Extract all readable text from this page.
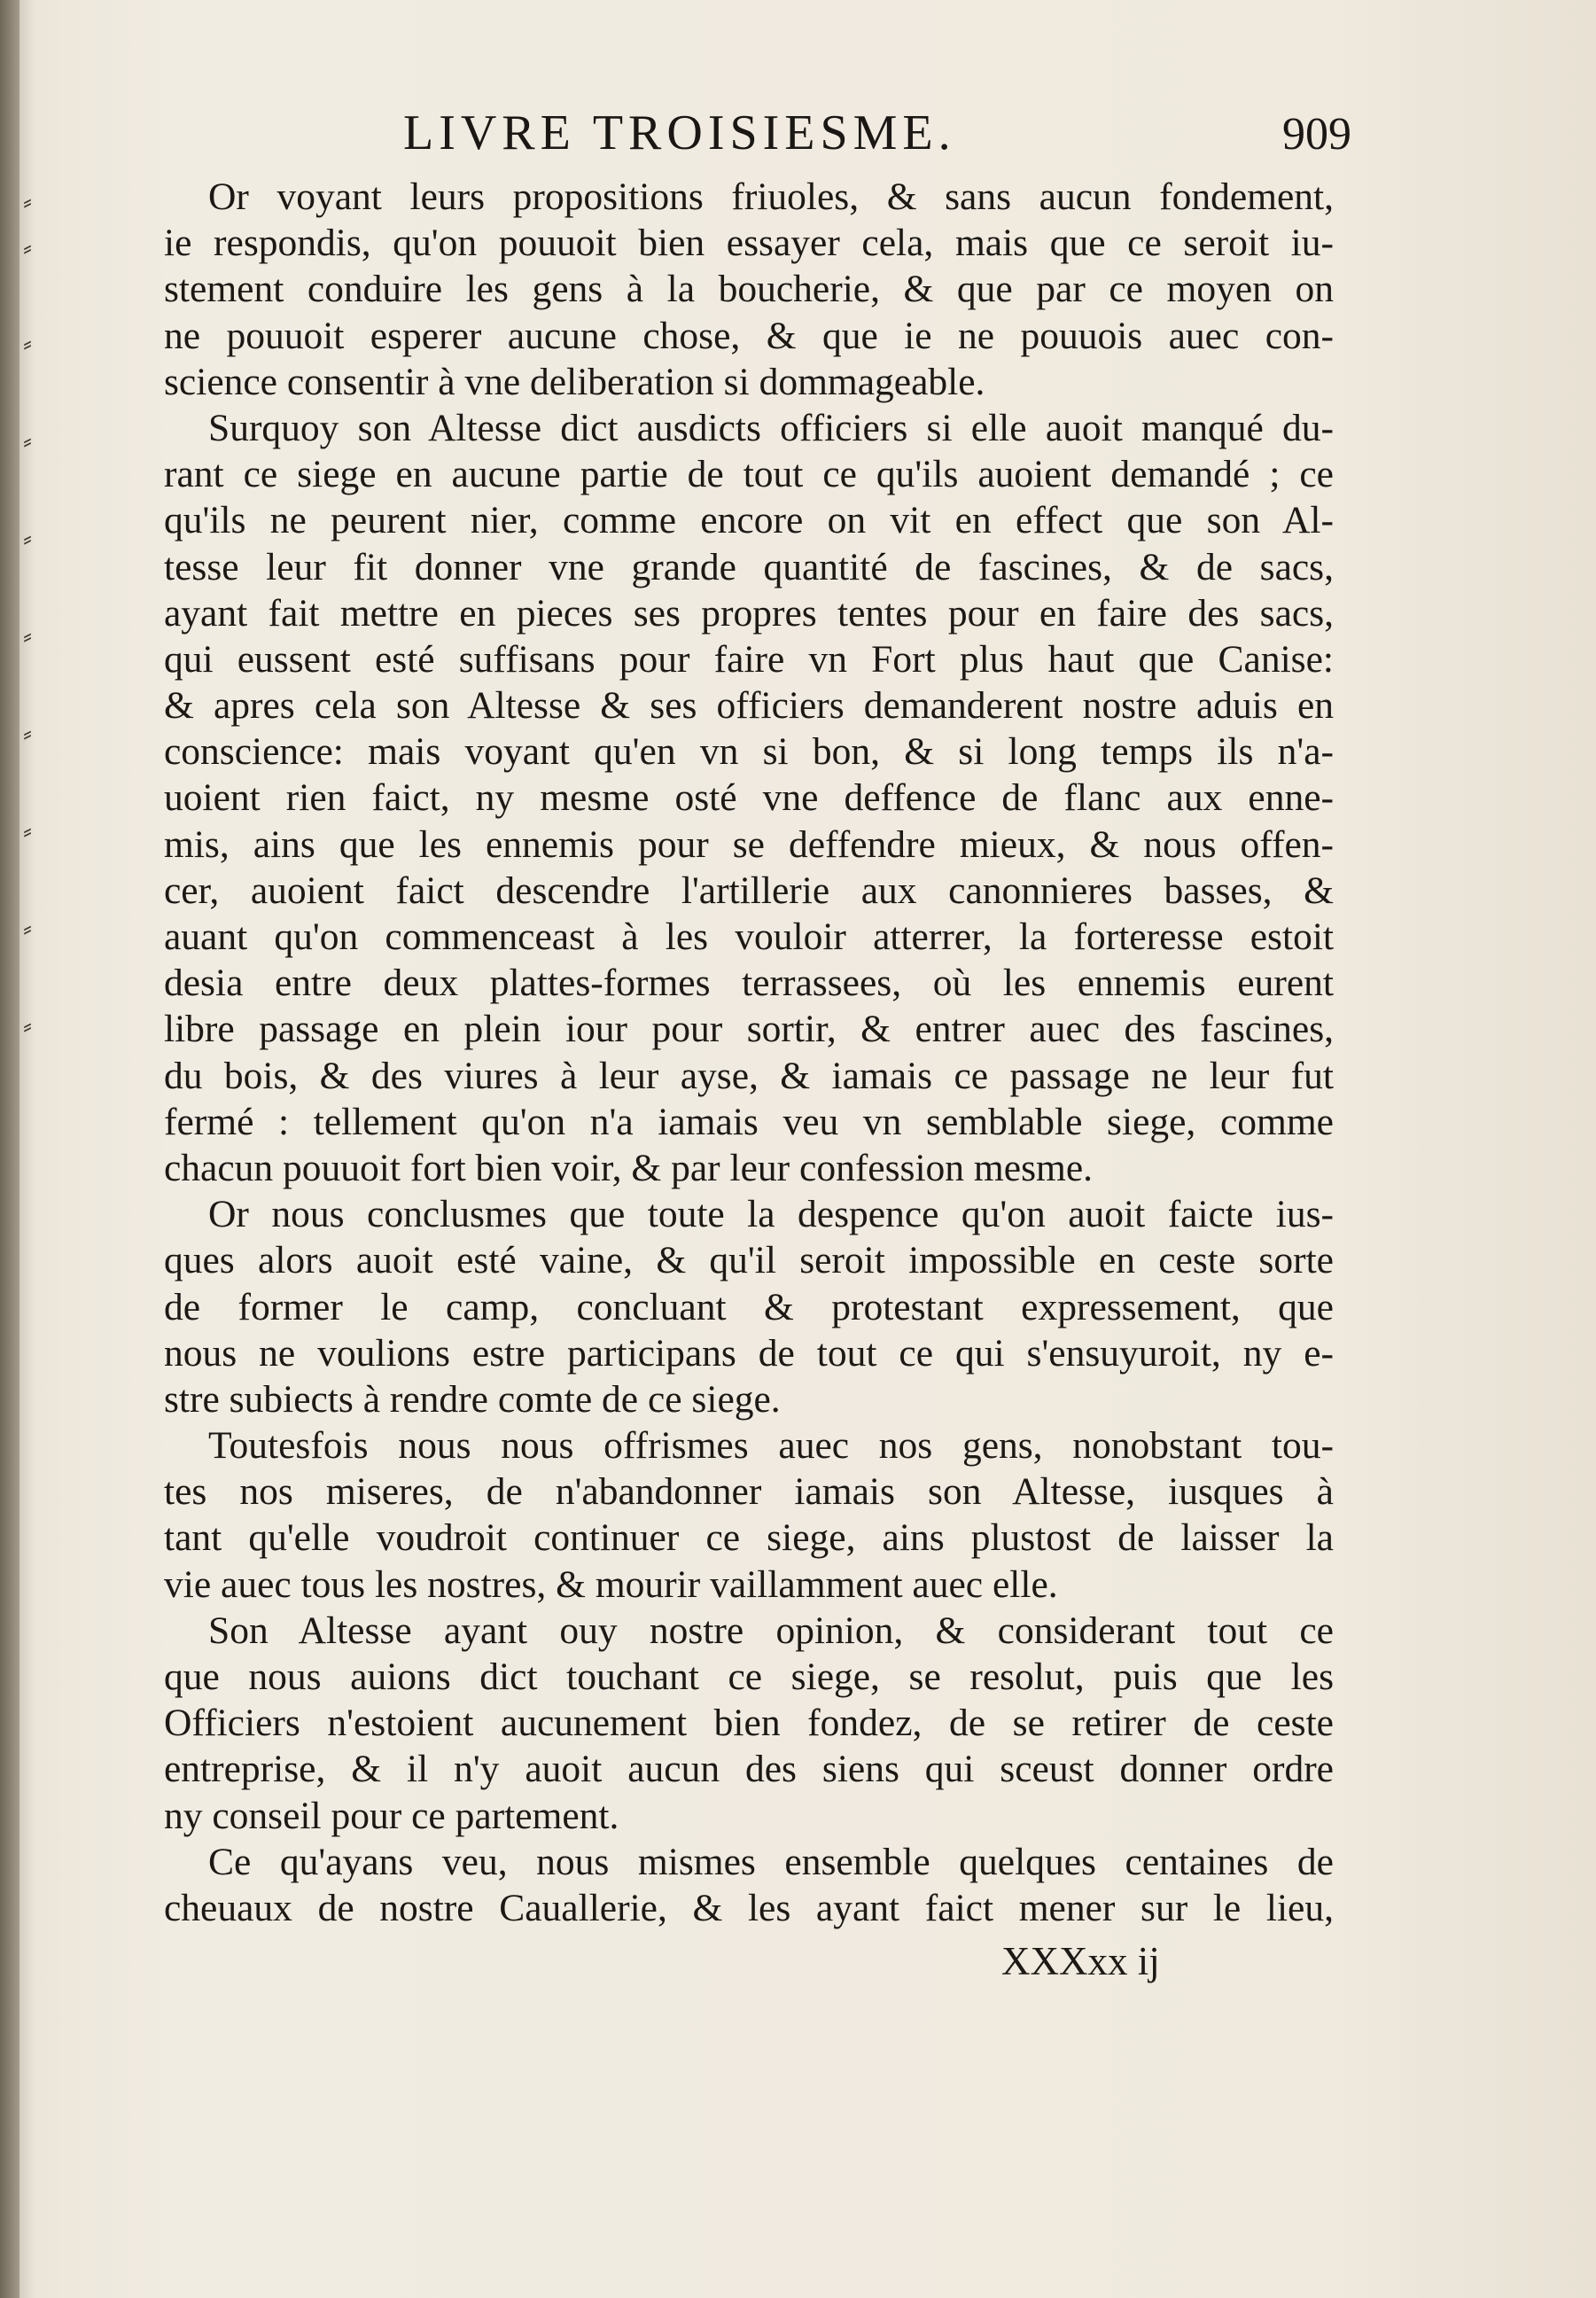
⸗
⸗
⸗
⸗
⸗
⸗
⸗
⸗
⸗
⸗
LIVRE TROISIESME.	909
Or voyant leurs propositions friuoles, & sans aucun fondement,
ie respondis, qu'on pouuoit bien essayer cela, mais que ce seroit iu-
stement conduire les gens à la boucherie, & que par ce moyen on
ne pouuoit esperer aucune chose, & que ie ne pouuois auec con-
science consentir à vne deliberation si dommageable.
Surquoy son Altesse dict ausdicts officiers si elle auoit manqué du-
rant ce siege en aucune partie de tout ce qu'ils auoient demandé ; ce
qu'ils ne peurent nier, comme encore on vit en effect que son Al-
tesse leur fit donner vne grande quantité de fascines, & de sacs,
ayant fait mettre en pieces ses propres tentes pour en faire des sacs,
qui eussent esté suffisans pour faire vn Fort plus haut que Canise:
& apres cela son Altesse & ses officiers demanderent nostre aduis en
conscience: mais voyant qu'en vn si bon, & si long temps ils n'a-
uoient rien faict, ny mesme osté vne deffence de flanc aux enne-
mis, ains que les ennemis pour se deffendre mieux, & nous offen-
cer, auoient faict descendre l'artillerie aux canonnieres basses, &
auant qu'on commenceast à les vouloir atterrer, la forteresse estoit
desia entre deux plattes-formes terrassees, où les ennemis eurent
libre passage en plein iour pour sortir, & entrer auec des fascines,
du bois, & des viures à leur ayse, & iamais ce passage ne leur fut
fermé : tellement qu'on n'a iamais veu vn semblable siege, comme
chacun pouuoit fort bien voir, & par leur confession mesme.
Or nous conclusmes que toute la despence qu'on auoit faicte ius-
ques alors auoit esté vaine, & qu'il seroit impossible en ceste sorte
de former le camp, concluant & protestant expressement, que
nous ne voulions estre participans de tout ce qui s'ensuyuroit, ny e-
stre subiects à rendre comte de ce siege.
Toutesfois nous nous offrismes auec nos gens, nonobstant tou-
tes nos miseres, de n'abandonner iamais son Altesse, iusques à
tant qu'elle voudroit continuer ce siege, ains plustost de laisser la
vie auec tous les nostres, & mourir vaillamment auec elle.
Son Altesse ayant ouy nostre opinion, & considerant tout ce
que nous auions dict touchant ce siege, se resolut, puis que les
Officiers n'estoient aucunement bien fondez, de se retirer de ceste
entreprise, & il n'y auoit aucun des siens qui sceust donner ordre
ny conseil pour ce partement.
Ce qu'ayans veu, nous mismes ensemble quelques centaines de
cheuaux de nostre Cauallerie, & les ayant faict mener sur le lieu,
XXXxx ij
